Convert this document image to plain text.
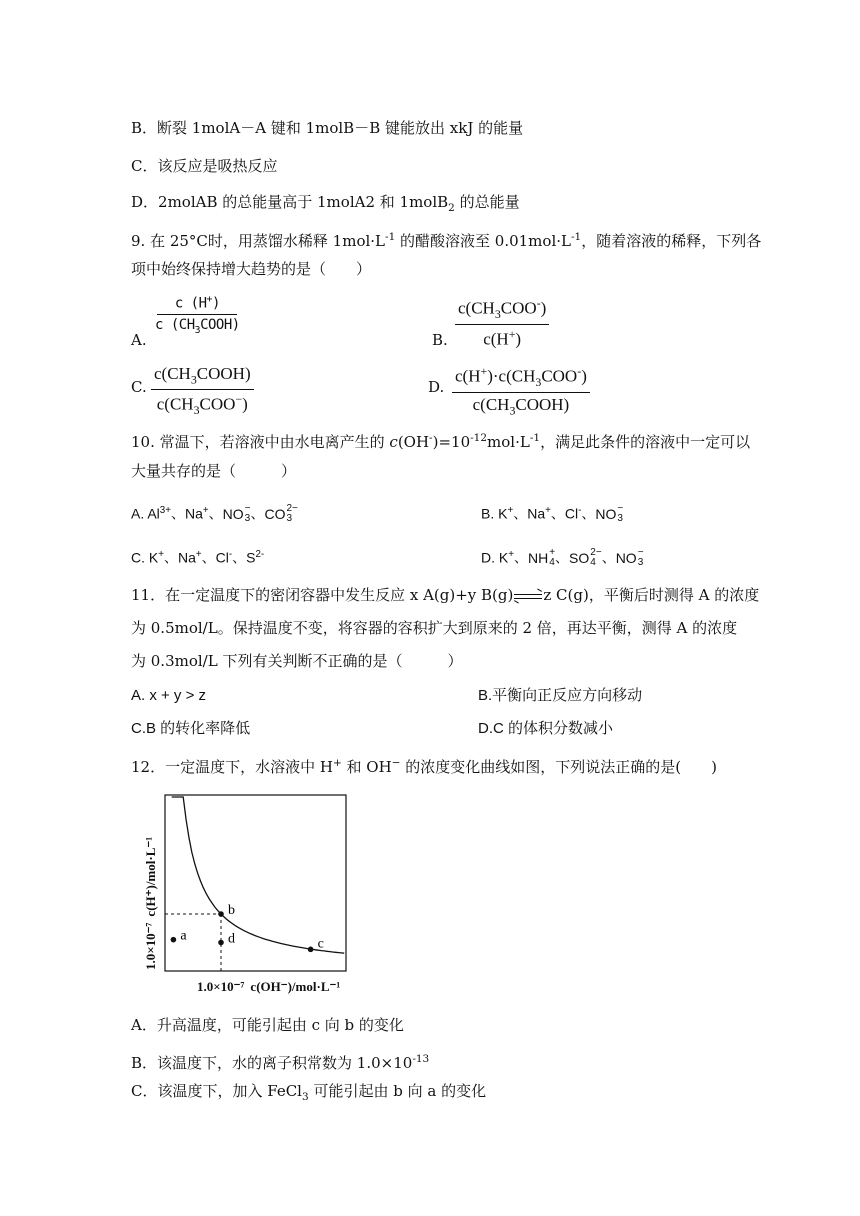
B．断裂 1molA－A 键和 1molB－B 键能放出 xkJ 的能量
C．该反应是吸热反应
D．2molAB 的总能量高于 1molA2 和 1molB$_2$ 的总能量
9. 在 25°C时，用蒸馏水稀释 $1mol\cdot L^{-1}$ 的醋酸溶液至 $0.01mol\cdot L^{-1}$，随着溶液的稀释，下列各
项中始终保持增大趋势的是（　　）
A.
c (H+)
c $(CH_3COOH)$
B.
$c(CH_3COO^-)$
c(H+)
C.
$c(CH_3COOH)$
$c(CH_3COO^-)$
D.
$c(H^+)\cdot c(CH_3COO^-)$
$c(CH_3COOH)$
10. 常温下，若溶液中由水电离产生的 $c(OH^-)=10^{-12}mol\cdot L^{-1}$，满足此条件的溶液中一定可以
大量共存的是（　　　）
A. $Al^{3+}$、Na+、NO −
3 、CO 2−
3	B. K+、Na+、Cl-、NO −
3
C. K+、Na+、Cl-、$S^{2-}$	D. K+、NH +
4 、SO 2−
4 、NO −
3
11．在一定温度下的密闭容器中发生反应 x A(g)+y B(g)→z C(g)，平衡后时测得 A 的浓度
为 0.5mol/L。保持温度不变，将容器的容积扩大到原来的 2 倍，再达平衡，测得 A 的浓度
为 0.3mol/L 下列有关判断不正确的是（　　　）
A. x + y > z	B.平衡向正反应方向移动
C.B 的转化率降低	D.C 的体积分数减小
12．一定温度下，水溶液中 H+ 和 OH− 的浓度变化曲线如图，下列说法正确的是(　　)
a
b
c
d
1.0×10⁻⁷c(H⁺)/mol·L⁻¹
1.0×10⁻⁷ c(OH⁻)/mol·L⁻¹
A．升高温度，可能引起由 c 向 b 的变化
B．该温度下，水的离子积常数为 $1.0\times 10^{-13}$
C．该温度下，加入 FeCl$_3$ 可能引起由 b 向 a 的变化
